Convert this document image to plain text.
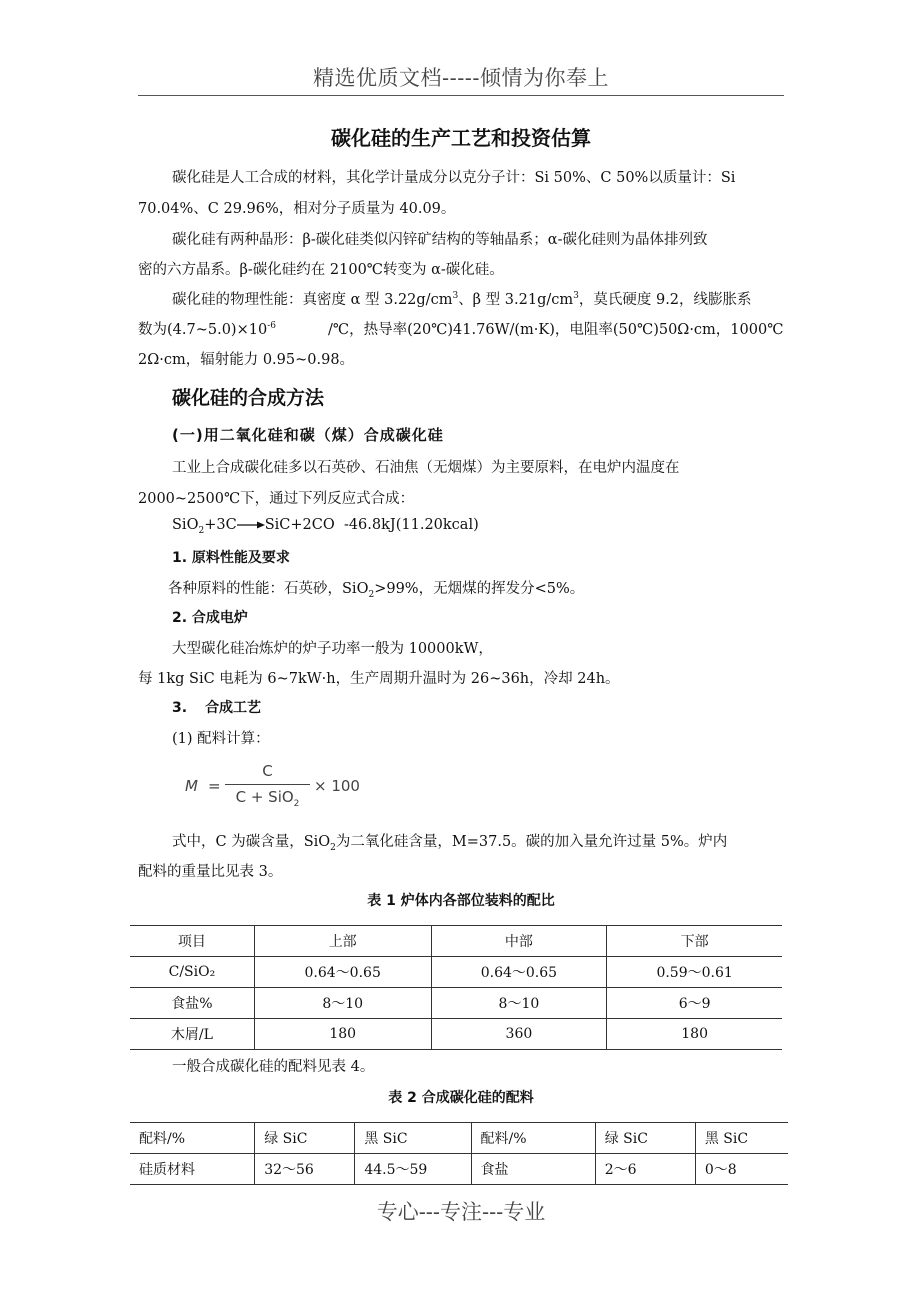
精选优质文档-----倾情为你奉上
碳化硅的生产工艺和投资估算
碳化硅是人工合成的材料，其化学计量成分以克分子计：Si 50%、C 50%以质量计：Si
70.04%、C 29.96%，相对分子质量为 40.09。
碳化硅有两种晶形：β-碳化硅类似闪锌矿结构的等轴晶系；α-碳化硅则为晶体排列致
密的六方晶系。β-碳化硅约在 2100℃转变为 α-碳化硅。
碳化硅的物理性能：真密度 α 型 $3.22g/cm^3$、β 型 $3.21g/cm^3$，莫氏硬度 9.2，线膨胀系
数为$(4.7\sim 5.0)\times 10^{-6}$	/℃，热导率(20℃)41.76W/(m·K)，电阻率(50℃)50Ω·cm，1000℃
2Ω·cm，辐射能力 0.95~0.98。
碳化硅的合成方法
(一)用二氧化硅和碳（煤）合成碳化硅
工业上合成碳化硅多以石英砂、石油焦（无烟煤）为主要原料，在电炉内温度在
2000~2500℃下，通过下列反应式合成：
SiO$_2$+3C→SiC+2CO -46.8kJ(11.20kcal)
1. 原料性能及要求
各种原料的性能：石英砂，SiO$_2$>99%，无烟煤的挥发分<5%。
2. 合成电炉
大型碳化硅冶炼炉的炉子功率一般为 10000kW，
每 1kg SiC 电耗为 6~7kW·h，生产周期升温时为 26~36h，冷却 24h。
3. 合成工艺
(1) 配料计算：
M =
C
C + SiO$_2$
× 100
式中，C 为碳含量，SiO$_2$为二氧化硅含量，M=37.5。碳的加入量允许过量 5%。炉内
配料的重量比见表 3。
表 1 炉体内各部位装料的配比
项目	上部	中部	下部
C/SiO₂	0.64～0.65	0.64～0.65	0.59～0.61
食盐%	8～10	8～10	6～9
木屑/L	180	360	180
一般合成碳化硅的配料见表 4。
表 2 合成碳化硅的配料
配料/%	绿 SiC	黑 SiC	配料/%	绿 SiC	黑 SiC
硅质材料	32～56	44.5～59	食盐	2～6	0～8
专心---专注---专业
